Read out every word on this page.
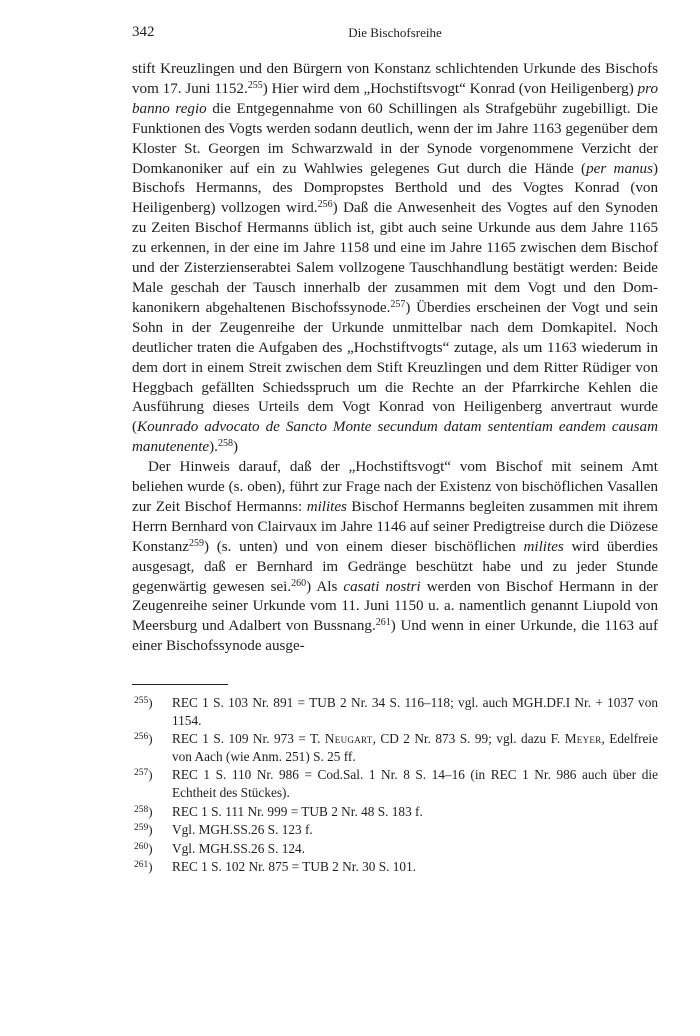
342	Die Bischofsreihe

stift Kreuzlingen und den Bürgern von Konstanz schlichtenden Urkunde des Bischofs vom 17. Juni 1152.$^{255}$) Hier wird dem „Hochstiftsvogt“ Konrad (von Heiligenberg) pro banno regio die Entgegennahme von 60 Schillingen als Strafgebühr zugebilligt. Die Funktionen des Vogts werden sodann deutlich, wenn der im Jahre 1163 gegenüber dem Kloster St. Georgen im Schwarzwald in der Synode vorgenommene Verzicht der Domkanoniker auf ein zu Wahlwies gelegenes Gut durch die Hände (per manus) Bischofs Hermanns, des Dompropstes Berthold und des Vogtes Konrad (von Heiligenberg) vollzogen wird.$^{256}$) Daß die Anwesenheit des Vogtes auf den Synoden zu Zeiten Bischof Hermanns üblich ist, gibt auch seine Urkunde aus dem Jahre 1165 zu erkennen, in der eine im Jahre 1158 und eine im Jahre 1165 zwischen dem Bischof und der Zisterzienserabtei Salem vollzogene Tauschhandlung bestätigt werden: Beide Male geschah der Tausch innerhalb der zusammen mit dem Vogt und den Domkanonikern abgehaltenen Bischofssynode.$^{257}$) Überdies erscheinen der Vogt und sein Sohn in der Zeugenreihe der Urkunde unmittelbar nach dem Domkapitel. Noch deutlicher traten die Aufgaben des „Hochstiftvogts“ zutage, als um 1163 wiederum in dem dort in einem Streit zwischen dem Stift Kreuzlingen und dem Ritter Rüdiger von Heggbach gefällten Schiedsspruch um die Rechte an der Pfarrkirche Kehlen die Ausführung dieses Urteils dem Vogt Konrad von Heiligenberg anvertraut wurde (Kounrado advocato de Sancto Monte secundum datam sententiam eandem causam manutenente).$^{258}$)

Der Hinweis darauf, daß der „Hochstiftsvogt“ vom Bischof mit seinem Amt beliehen wurde (s. oben), führt zur Frage nach der Existenz von bischöflichen Vasallen zur Zeit Bischof Hermanns: milites Bischof Hermanns begleiten zusammen mit ihrem Herrn Bernhard von Clairvaux im Jahre 1146 auf seiner Predigtreise durch die Diözese Konstanz$^{259}$) (s. unten) und von einem dieser bischöflichen milites wird überdies ausgesagt, daß er Bernhard im Gedränge beschützt habe und zu jeder Stunde gegenwärtig gewesen sei.$^{260}$) Als casati nostri werden von Bischof Hermann in der Zeugenreihe seiner Urkunde vom 11. Juni 1150 u. a. namentlich genannt Liupold von Meersburg und Adalbert von Bussnang.$^{261}$) Und wenn in einer Urkunde, die 1163 auf einer Bischofssynode ausge-

$^{255}$) REC 1 S. 103 Nr. 891 = TUB 2 Nr. 34 S. 116–118; vgl. auch MGH.DF.I Nr. + 1037 von 1154.
$^{256}$) REC 1 S. 109 Nr. 973 = T. Neugart, CD 2 Nr. 873 S. 99; vgl. dazu F. Meyer, Edelfreie von Aach (wie Anm. 251) S. 25 ff.
$^{257}$) REC 1 S. 110 Nr. 986 = Cod.Sal. 1 Nr. 8 S. 14–16 (in REC 1 Nr. 986 auch über die Echtheit des Stückes).
$^{258}$) REC 1 S. 111 Nr. 999 = TUB 2 Nr. 48 S. 183 f.
$^{259}$) Vgl. MGH.SS.26 S. 123 f.
$^{260}$) Vgl. MGH.SS.26 S. 124.
$^{261}$) REC 1 S. 102 Nr. 875 = TUB 2 Nr. 30 S. 101.
